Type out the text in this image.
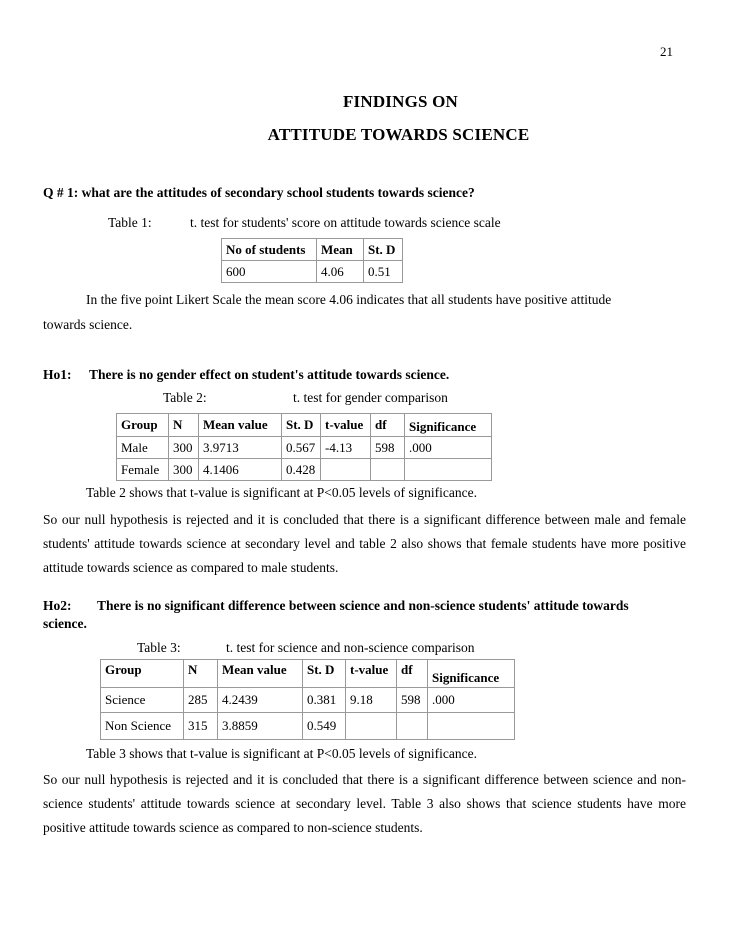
21
FINDINGS ON
ATTITUDE TOWARDS SCIENCE
Q # 1: what are the attitudes of secondary school students towards science?
Table 1:	t. test for students' score on attitude towards science scale
No of students	Mean	St. D
600	4.06	0.51
In the five point Likert Scale the mean score 4.06 indicates that all students have positive attitude
towards science.
Ho1: There is no gender effect on student's attitude towards science.
Table 2:	t. test for gender comparison
Group	N	Mean value	St. D	t-value	df	Significance
Male	300	3.9713	0.567	-4.13	598	.000
Female	300	4.1406	0.428			
Table 2 shows that t-value is significant at P<0.05 levels of significance.
So our null hypothesis is rejected and it is concluded that there is a significant difference between male and female students' attitude towards science at secondary level and table 2 also shows that female students have more positive attitude towards science as compared to male students.
Ho2: There is no significant difference between science and non-science students' attitude towards
science.
Table 3:	t. test for science and non-science comparison
Group	N	Mean value	St. D	t-value	df	Significance
Science	285	4.2439	0.381	9.18	598	.000
Non Science	315	3.8859	0.549			
Table 3 shows that t-value is significant at P<0.05 levels of significance.
So our null hypothesis is rejected and it is concluded that there is a significant difference between science and non-science students' attitude towards science at secondary level. Table 3 also shows that science students have more positive attitude towards science as compared to non-science students.
